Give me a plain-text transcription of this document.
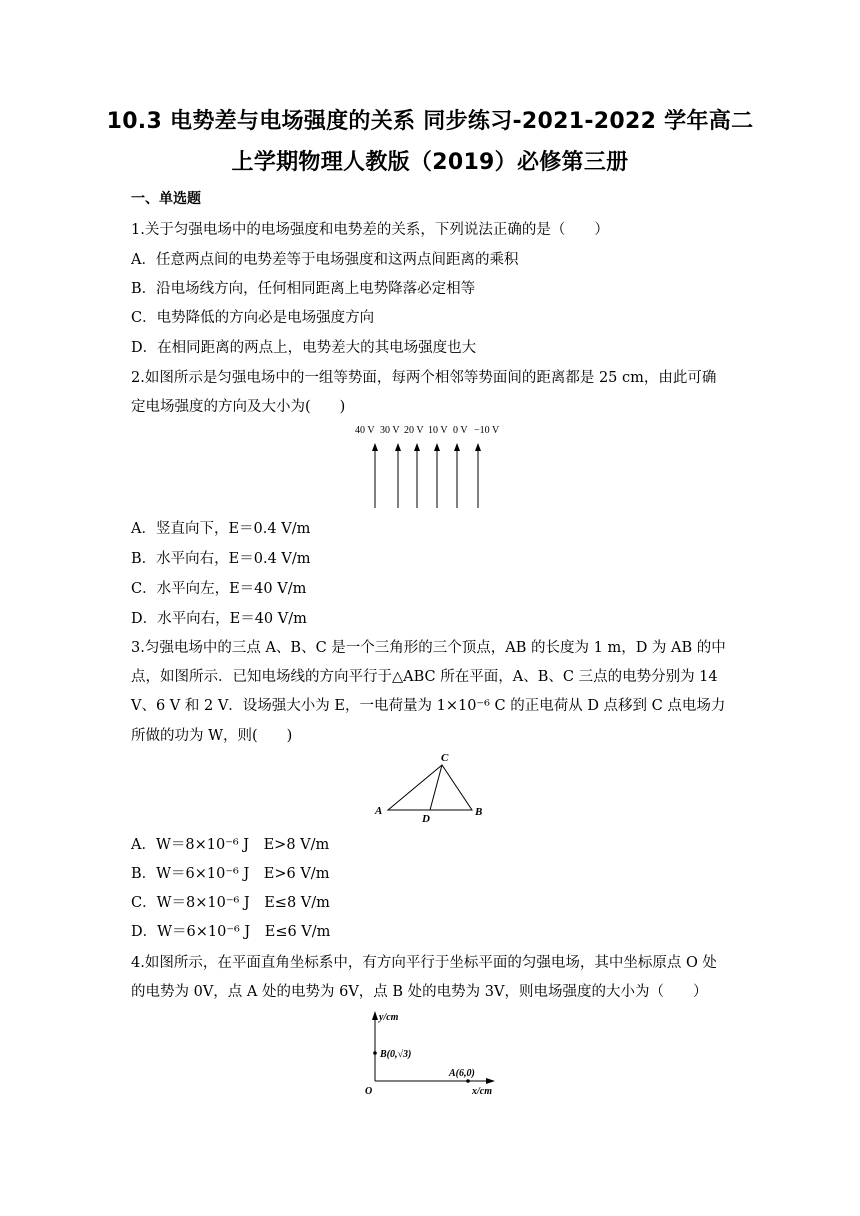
10.3 电势差与电场强度的关系 同步练习-2021-2022 学年高二
上学期物理人教版（2019）必修第三册
一、单选题
1.关于匀强电场中的电场强度和电势差的关系，下列说法正确的是（　　）
A．任意两点间的电势差等于电场强度和这两点间距离的乘积
B．沿电场线方向，任何相同距离上电势降落必定相等
C．电势降低的方向必是电场强度方向
D．在相同距离的两点上，电势差大的其电场强度也大
2.如图所示是匀强电场中的一组等势面，每两个相邻等势面间的距离都是 25 cm，由此可确
定电场强度的方向及大小为(　　)
40 V 30 V 20 V 10 V 0 V −10 V
A．竖直向下，E＝0.4 V/m
B．水平向右，E＝0.4 V/m
C．水平向左，E＝40 V/m
D．水平向右，E＝40 V/m
3.匀强电场中的三点 A、B、C 是一个三角形的三个顶点，AB 的长度为 1 m，D 为 AB 的中
点，如图所示．已知电场线的方向平行于△ABC 所在平面，A、B、C 三点的电势分别为 14
V、6 V 和 2 V．设场强大小为 E，一电荷量为 1×10⁻⁶ C 的正电荷从 D 点移到 C 点电场力
所做的功为 W，则(　　)
C
A
D
B
A．W＝8×10⁻⁶ J　E>8 V/m
B．W＝6×10⁻⁶ J　E>6 V/m
C．W＝8×10⁻⁶ J　E≤8 V/m
D．W＝6×10⁻⁶ J　E≤6 V/m
4.如图所示，在平面直角坐标系中，有方向平行于坐标平面的匀强电场，其中坐标原点 O 处
的电势为 0V，点 A 处的电势为 6V，点 B 处的电势为 3V，则电场强度的大小为（　　）
y/cm
x/cm
O
B(0,√3)
A(6,0)
